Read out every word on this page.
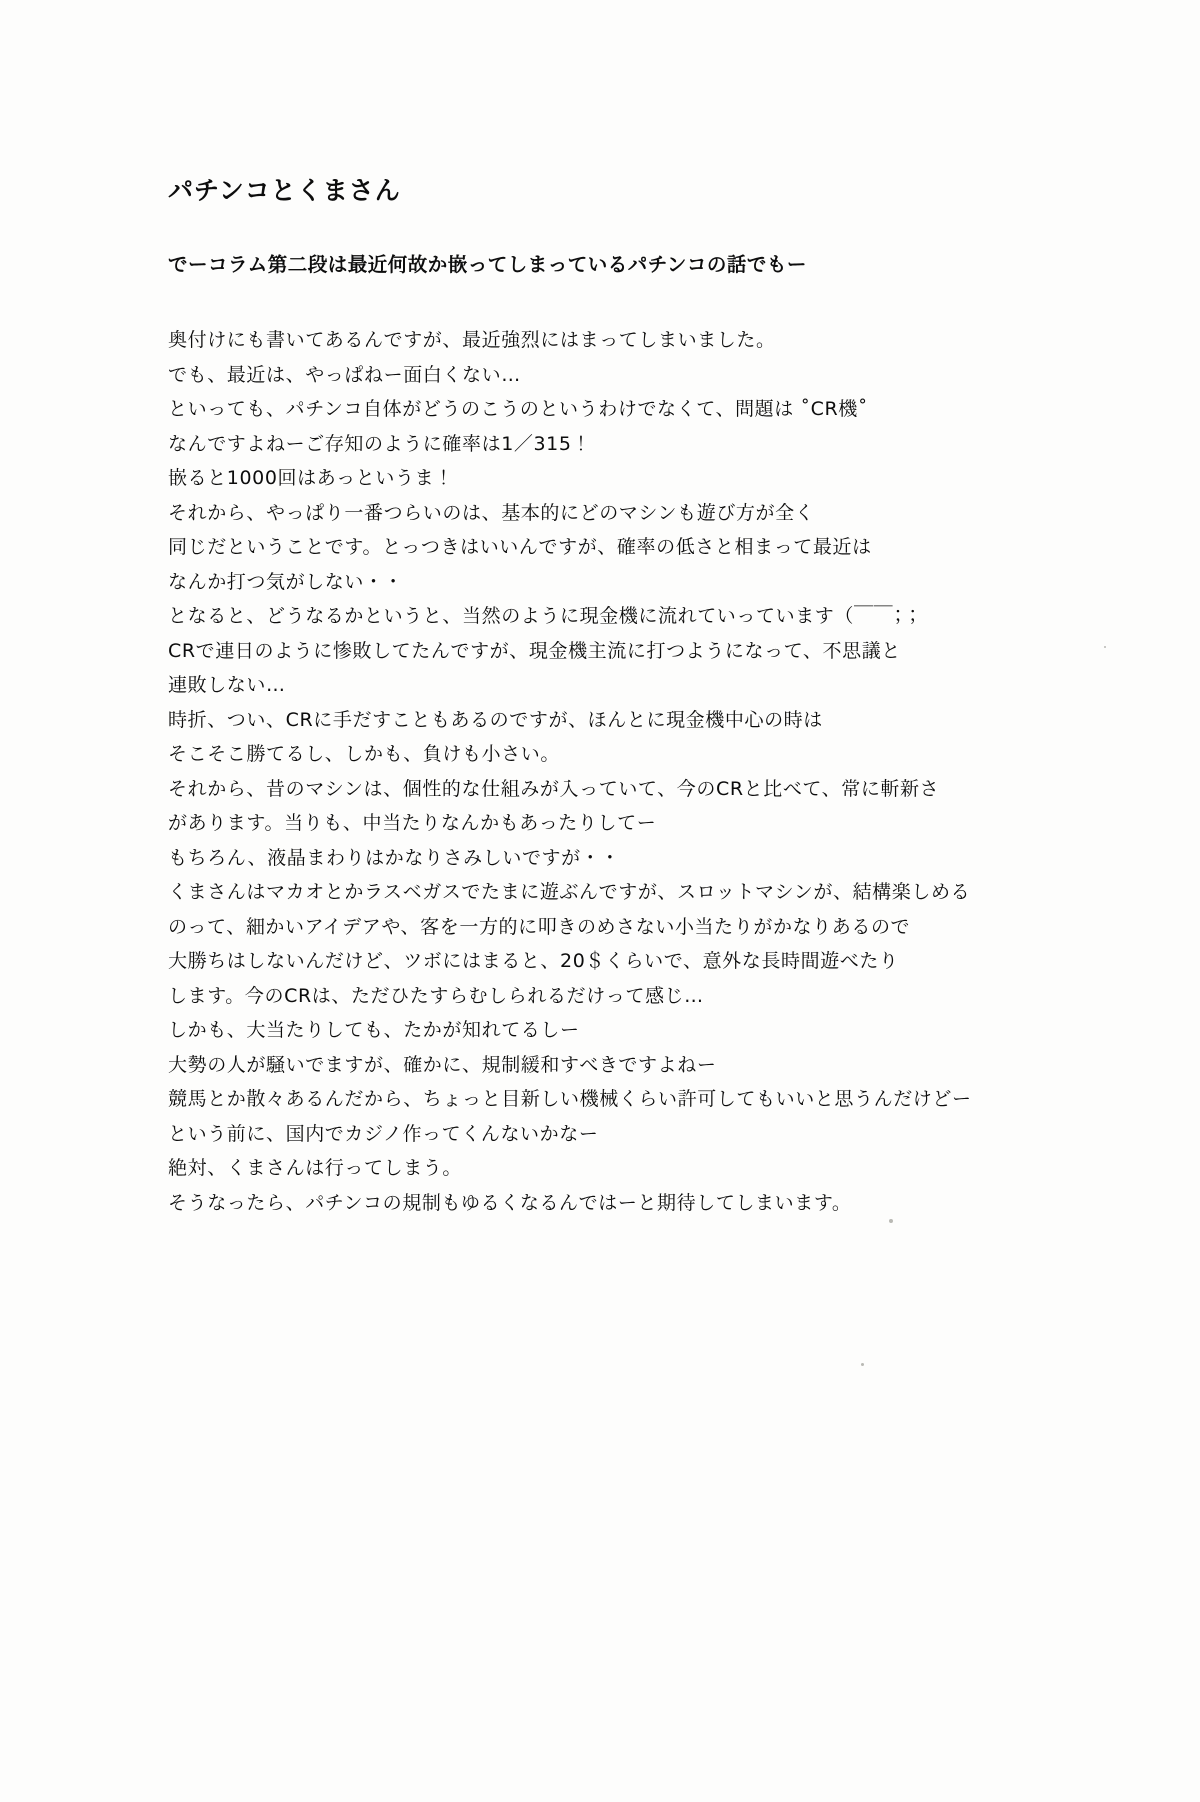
パチンコとくまさん

でーコラム第二段は最近何故か嵌ってしまっているパチンコの話でもー

奥付けにも書いてあるんですが、最近強烈にはまってしまいました。
でも、最近は、やっぱねー面白くない…
といっても、パチンコ自体がどうのこうのというわけでなくて、問題は ˚CR機˚
なんですよねーご存知のように確率は1／315！
嵌ると1000回はあっというま！
それから、やっぱり一番つらいのは、基本的にどのマシンも遊び方が全く
同じだということです。とっつきはいいんですが、確率の低さと相まって最近は
なんか打つ気がしない・・
となると、どうなるかというと、当然のように現金機に流れていっています（￣￣；；
CRで連日のように惨敗してたんですが、現金機主流に打つようになって、不思議と
連敗しない…
時折、つい、CRに手だすこともあるのですが、ほんとに現金機中心の時は
そこそこ勝てるし、しかも、負けも小さい。
それから、昔のマシンは、個性的な仕組みが入っていて、今のCRと比べて、常に斬新さ
があります。当りも、中当たりなんかもあったりしてー
もちろん、液晶まわりはかなりさみしいですが・・
くまさんはマカオとかラスベガスでたまに遊ぶんですが、スロットマシンが、結構楽しめる
のって、細かいアイデアや、客を一方的に叩きのめさない小当たりがかなりあるので
大勝ちはしないんだけど、ツボにはまると、20＄くらいで、意外な長時間遊べたり
します。今のCRは、ただひたすらむしられるだけって感じ…
しかも、大当たりしても、たかが知れてるしー
大勢の人が騒いでますが、確かに、規制緩和すべきですよねー
競馬とか散々あるんだから、ちょっと目新しい機械くらい許可してもいいと思うんだけどー
という前に、国内でカジノ作ってくんないかなー
絶対、くまさんは行ってしまう。
そうなったら、パチンコの規制もゆるくなるんではーと期待してしまいます。
